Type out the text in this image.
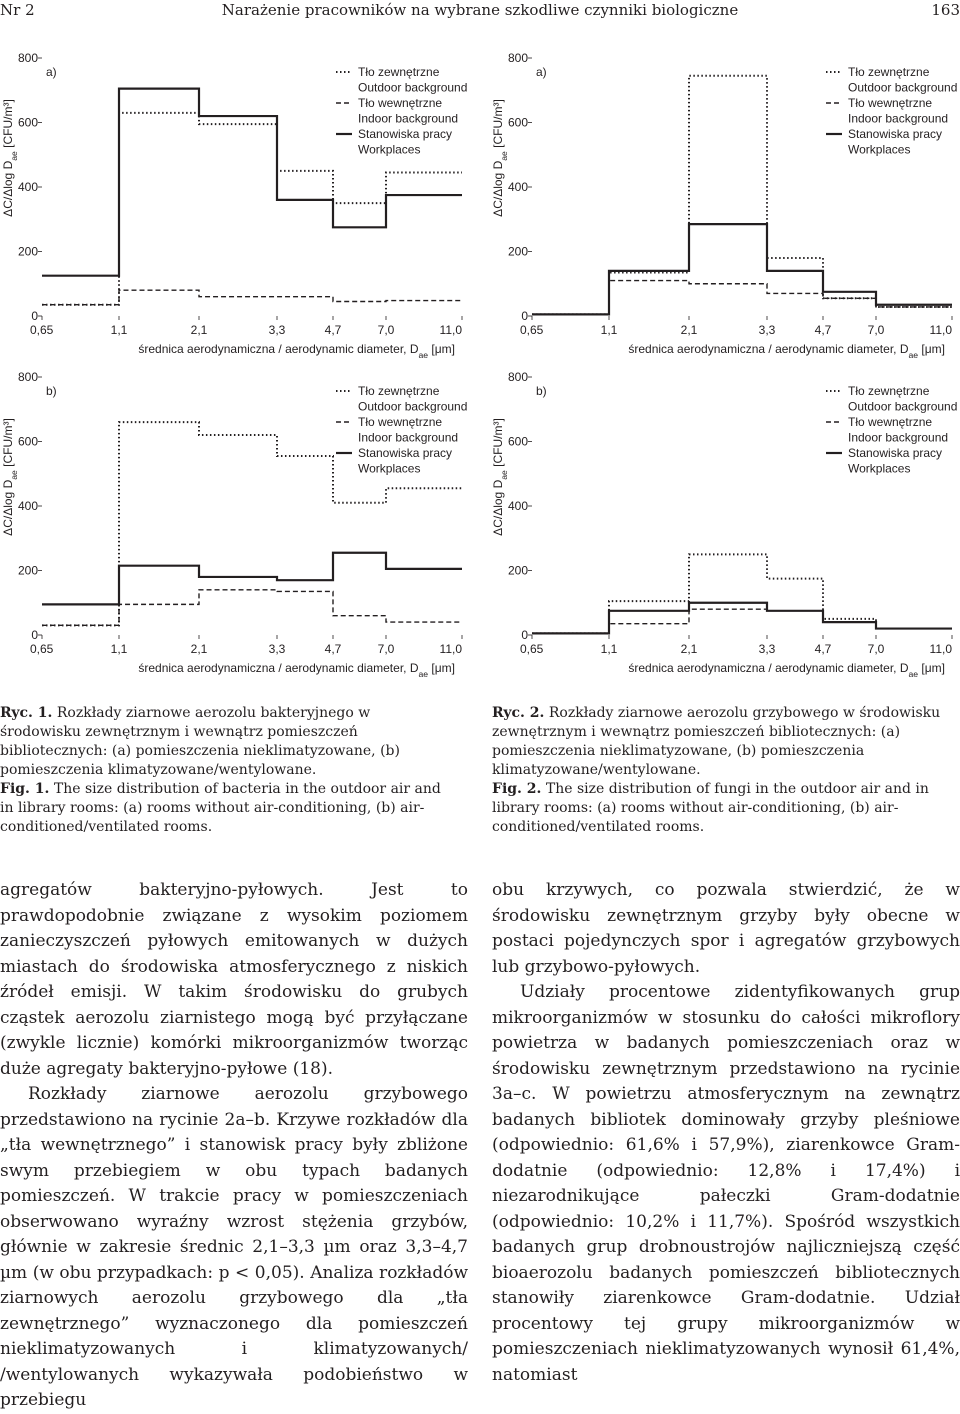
Nr 2	Narażenie pracowników na wybrane szkodliwe czynniki biologiczne	163
0
200
400
600
800
0,65	1,1	2,1	3,3	4,7	7,0	11,0
średnica aerodynamiczna / aerodynamic diameter, $D_{ae}$ [μm]
ΔC/Δlog $D_{ae}$ [CFU/m³]
a)	Tło zewnętrzne
Outdoor background
Tło wewnętrzne
Indoor background
Stanowiska pracy
Workplaces
0
200
400
600
800
0,65	1,1	2,1	3,3	4,7	7,0	11,0
średnica aerodynamiczna / aerodynamic diameter, $D_{ae}$ [μm]
ΔC/Δlog $D_{ae}$ [CFU/m³]
a)	Tło zewnętrzne
Outdoor background
Tło wewnętrzne
Indoor background
Stanowiska pracy
Workplaces
0
200
400
600
800
0,65	1,1	2,1	3,3	4,7	7,0	11,0
średnica aerodynamiczna / aerodynamic diameter, $D_{ae}$ [μm]
ΔC/Δlog $D_{ae}$ [CFU/m³]
b)	Tło zewnętrzne
Outdoor background
Tło wewnętrzne
Indoor background
Stanowiska pracy
Workplaces
0
200
400
600
800
0,65	1,1	2,1	3,3	4,7	7,0	11,0
średnica aerodynamiczna / aerodynamic diameter, $D_{ae}$ [μm]
ΔC/Δlog $D_{ae}$ [CFU/m³]
b)	Tło zewnętrzne
Outdoor background
Tło wewnętrzne
Indoor background
Stanowiska pracy
Workplaces

Ryc. 1. Rozkłady ziarnowe aerozolu bakteryjnego w środowisku zewnętrznym i wewnątrz pomieszczeń bibliotecznych: (a) pomieszczenia nieklimatyzowane, (b) pomieszczenia klimatyzowane/wentylowane.

Fig. 1. The size distribution of bacteria in the outdoor air and in library rooms: (a) rooms without air-conditioning, (b) air-conditioned/ventilated rooms.

Ryc. 2. Rozkłady ziarnowe aerozolu grzybowego w środowisku zewnętrznym i wewnątrz pomieszczeń bibliotecznych: (a) pomieszczenia nieklimatyzowane, (b) pomieszczenia klimatyzowane/wentylowane.

Fig. 2. The size distribution of fungi in the outdoor air and in library rooms: (a) rooms without air-conditioning, (b) air-conditioned/ventilated rooms.

agregatów bakteryjno-pyłowych. Jest to prawdopodobnie związane z wysokim poziomem zanieczyszczeń pyłowych emitowanych w dużych miastach do środowiska atmosferycznego z niskich źródeł emisji. W takim środowisku do grubych cząstek aerozolu ziarnistego mogą być przyłączane (zwykle licznie) komórki mikroorganizmów tworząc duże agregaty bakteryjno-pyłowe (18).

Rozkłady ziarnowe aerozolu grzybowego przedstawiono na rycinie 2a–b. Krzywe rozkładów dla „tła wewnętrznego” i stanowisk pracy były zbliżone swym przebiegiem w obu typach badanych pomieszczeń. W trakcie pracy w pomieszczeniach obserwowano wyraźny wzrost stężenia grzybów, głównie w zakresie średnic 2,1–3,3 µm oraz 3,3–4,7 µm (w obu przypadkach: p < 0,05). Analiza rozkładów ziarnowych aerozolu grzybowego dla „tła zewnętrznego” wyznaczonego dla pomieszczeń nieklimatyzowanych i klimatyzowanych/ /wentylowanych wykazywała podobieństwo w przebiegu

obu krzywych, co pozwala stwierdzić, że w środowisku zewnętrznym grzyby były obecne w postaci pojedynczych spor i agregatów grzybowych lub grzybowo-pyłowych.

Udziały procentowe zidentyfikowanych grup mikroorganizmów w stosunku do całości mikroflory powietrza w badanych pomieszczeniach oraz w środowisku zewnętrznym przedstawiono na rycinie 3a–c. W powietrzu atmosferycznym na zewnątrz badanych bibliotek dominowały grzyby pleśniowe (odpowiednio: 61,6% i 57,9%), ziarenkowce Gram-dodatnie (odpowiednio: 12,8% i 17,4%) i niezarodnikujące pałeczki Gram-dodatnie (odpowiednio: 10,2% i 11,7%). Spośród wszystkich badanych grup drobnoustrojów najliczniejszą część bioaerozolu badanych pomieszczeń bibliotecznych stanowiły ziarenkowce Gram-dodatnie. Udział procentowy tej grupy mikroorganizmów w pomieszczeniach nieklimatyzowanych wynosił 61,4%, natomiast
